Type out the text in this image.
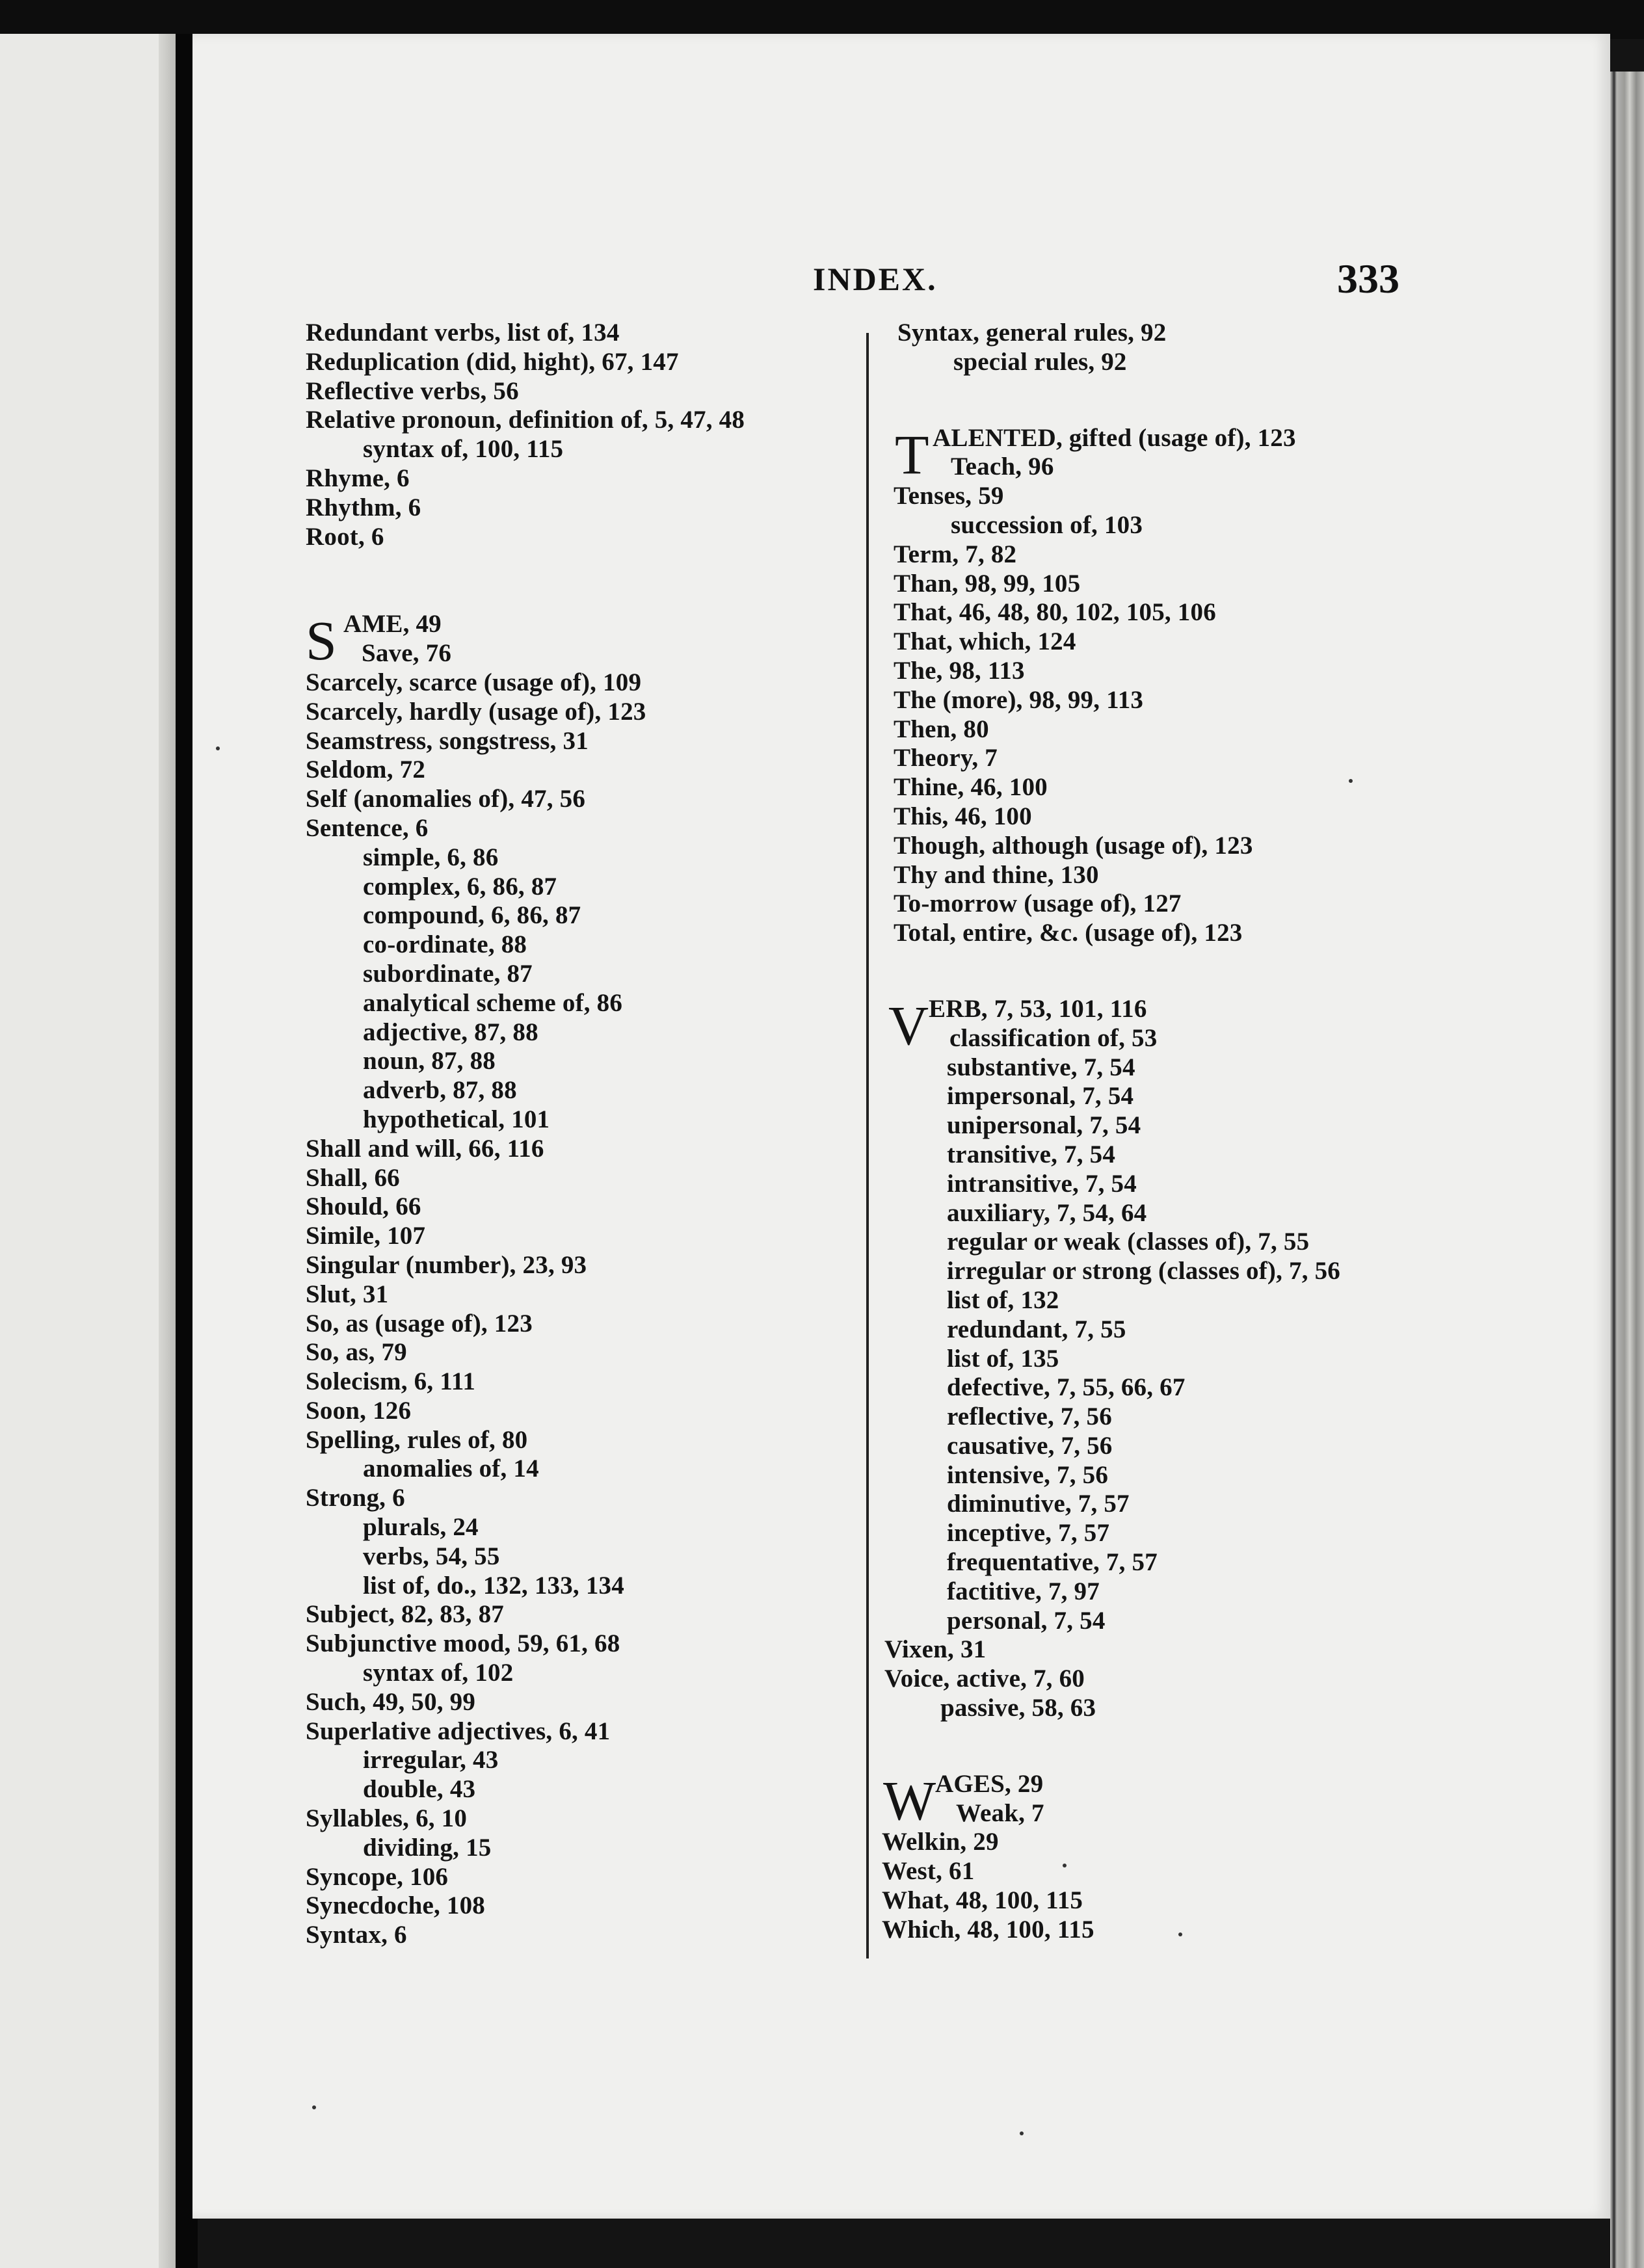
INDEX.	333
Redundant verbs, list of, 134
Reduplication (did, hight), 67, 147
Reflective verbs, 56
Relative pronoun, definition of, 5, 47, 48
syntax of, 100, 115
Rhyme, 6
Rhythm, 6
Root, 6
S AME, 49
Save, 76
Scarcely, scarce (usage of), 109
Scarcely, hardly (usage of), 123
Seamstress, songstress, 31
Seldom, 72
Self (anomalies of), 47, 56
Sentence, 6
simple, 6, 86
complex, 6, 86, 87
compound, 6, 86, 87
co-ordinate, 88
subordinate, 87
analytical scheme of, 86
adjective, 87, 88
noun, 87, 88
adverb, 87, 88
hypothetical, 101
Shall and will, 66, 116
Shall, 66
Should, 66
Simile, 107
Singular (number), 23, 93
Slut, 31
So, as (usage of), 123
So, as, 79
Solecism, 6, 111
Soon, 126
Spelling, rules of, 80
anomalies of, 14
Strong, 6
plurals, 24
verbs, 54, 55
list of, do., 132, 133, 134
Subject, 82, 83, 87
Subjunctive mood, 59, 61, 68
syntax of, 102
Such, 49, 50, 99
Superlative adjectives, 6, 41
irregular, 43
double, 43
Syllables, 6, 10
dividing, 15
Syncope, 106
Synecdoche, 108
Syntax, 6
Syntax, general rules, 92
special rules, 92
T ALENTED, gifted (usage of), 123
Teach, 96
Tenses, 59
succession of, 103
Term, 7, 82
Than, 98, 99, 105
That, 46, 48, 80, 102, 105, 106
That, which, 124
The, 98, 113
The (more), 98, 99, 113
Then, 80
Theory, 7
Thine, 46, 100
This, 46, 100
Though, although (usage of), 123
Thy and thine, 130
To-morrow (usage of), 127
Total, entire, &c. (usage of), 123
V ERB, 7, 53, 101, 116
classification of, 53
substantive, 7, 54
impersonal, 7, 54
unipersonal, 7, 54
transitive, 7, 54
intransitive, 7, 54
auxiliary, 7, 54, 64
regular or weak (classes of), 7, 55
irregular or strong (classes of), 7, 56
list of, 132
redundant, 7, 55
list of, 135
defective, 7, 55, 66, 67
reflective, 7, 56
causative, 7, 56
intensive, 7, 56
diminutive, 7, 57
inceptive, 7, 57
frequentative, 7, 57
factitive, 7, 97
personal, 7, 54
Vixen, 31
Voice, active, 7, 60
passive, 58, 63
W
AGES, 29
Weak, 7
Welkin, 29
West, 61
What, 48, 100, 115
Which, 48, 100, 115
